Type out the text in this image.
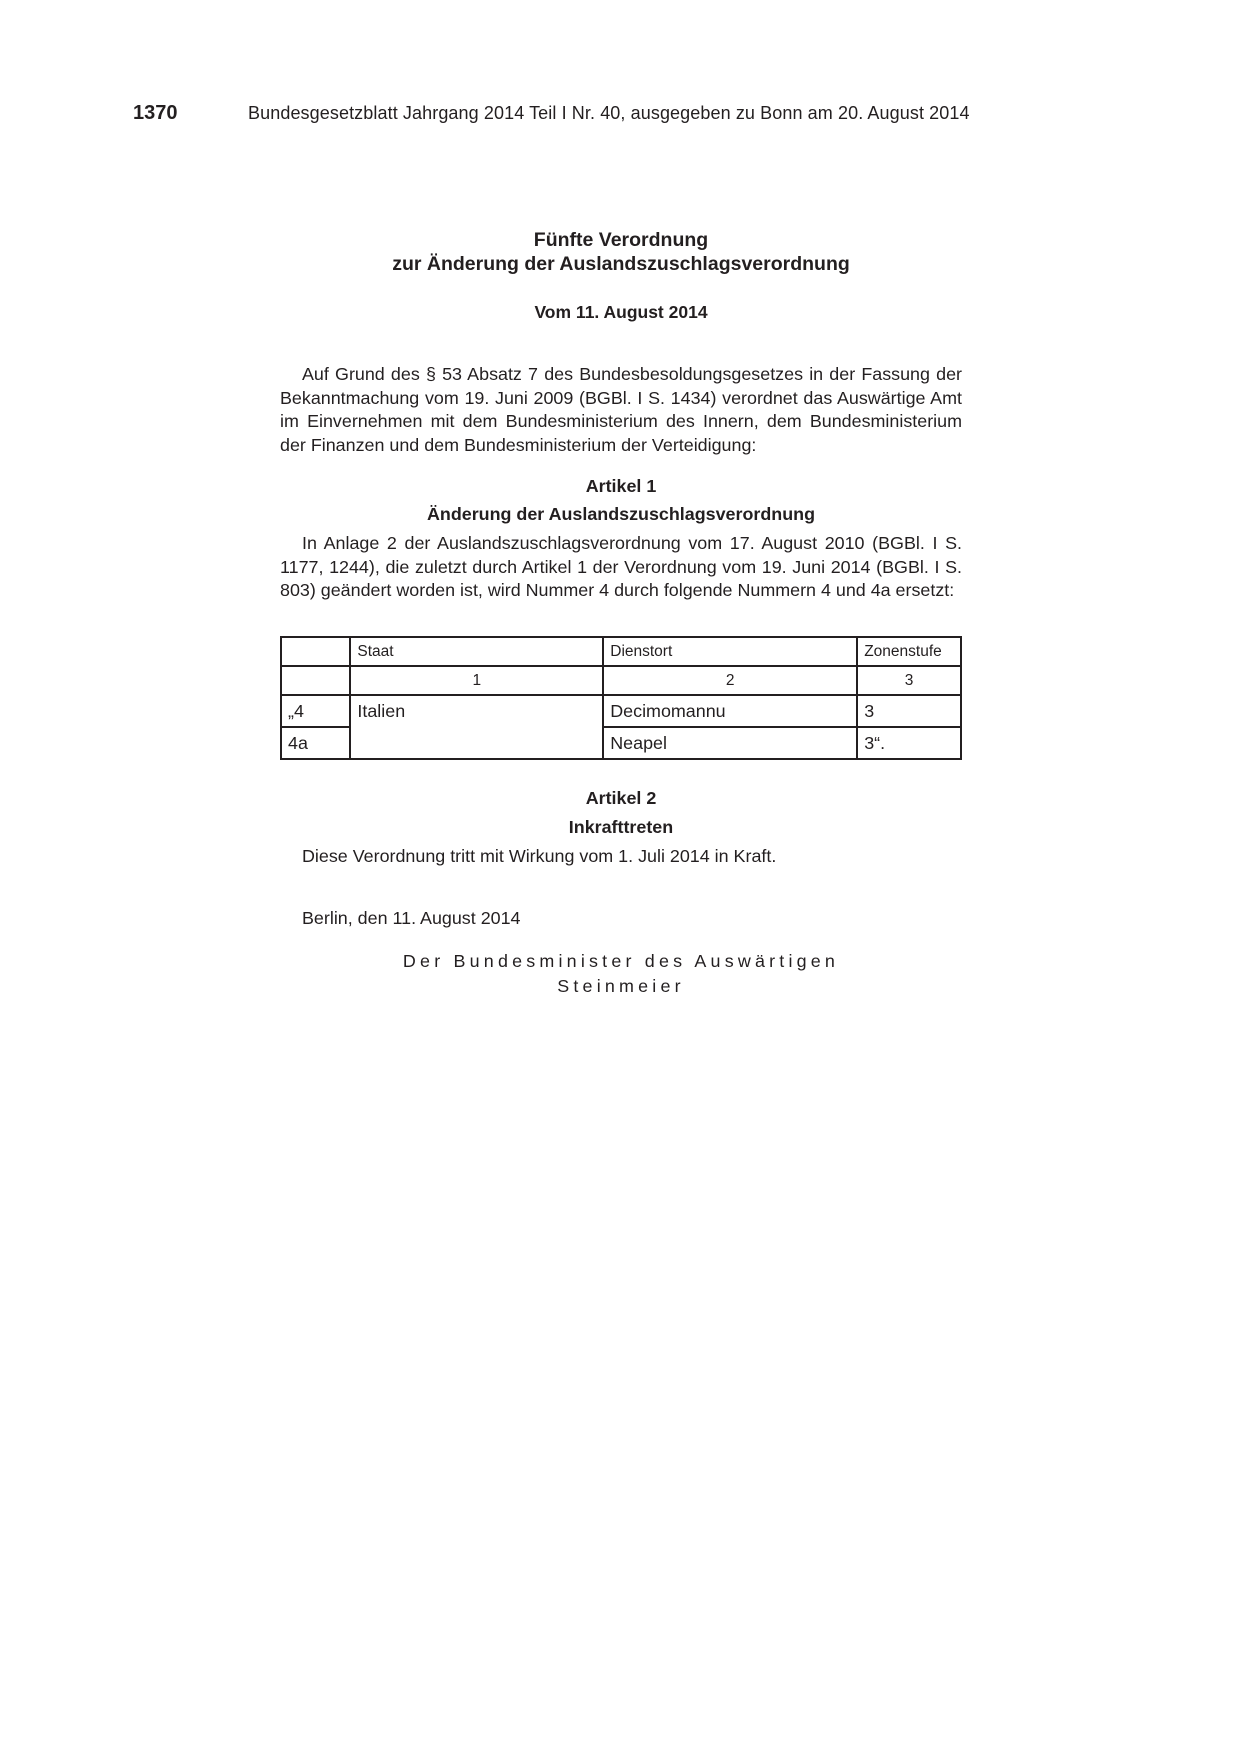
1370	Bundesgesetzblatt Jahrgang 2014 Teil I Nr. 40, ausgegeben zu Bonn am 20. August 2014

Fünfte Verordnung

zur Änderung der Auslandszuschlagsverordnung

Vom 11. August 2014

Auf Grund des § 53 Absatz 7 des Bundesbesoldungsgesetzes in der Fassung der Bekanntmachung vom 19. Juni 2009 (BGBl. I S. 1434) verordnet das Auswärtige Amt im Einvernehmen mit dem Bundesministerium des Innern, dem Bundesministerium der Finanzen und dem Bundesministerium der Verteidigung:

Artikel 1
Änderung der Auslandszuschlagsverordnung

In Anlage 2 der Auslandszuschlagsverordnung vom 17. August 2010 (BGBl. I S. 1177, 1244), die zuletzt durch Artikel 1 der Verordnung vom 19. Juni 2014 (BGBl. I S. 803) geändert worden ist, wird Nummer 4 durch folgende Nummern 4 und 4a ersetzt:

	Staat	Dienstort	Zonenstufe
	1	2	3
„4	Italien	Decimomannu	3
4a		Neapel	3“.
Artikel 2
Inkrafttreten

Diese Verordnung tritt mit Wirkung vom 1. Juli 2014 in Kraft.

Berlin, den 11. August 2014
Der Bundesminister des Auswärtigen
Steinmeier
